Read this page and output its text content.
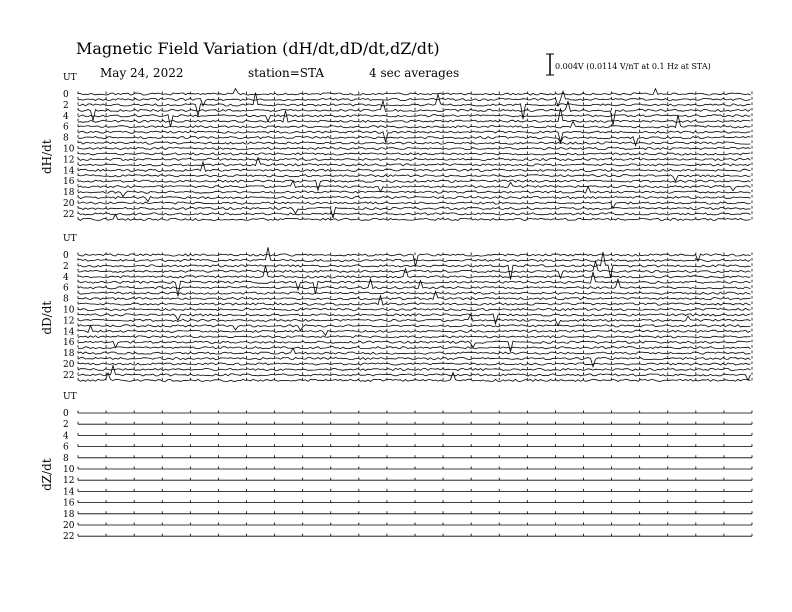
Magnetic Field Variation (dH/dt,dD/dt,dZ/dt)
May 24, 2022	station=STA	4 sec averages	0.004V (0.0114 V/nT at 0.1 Hz at STA)
UT
dH/dt
0
2
4
6
8
10
12
14
16
18
20
22
UT
dD/dt
0
2
4
6
8
10
12
14
16
18
20
22
UT
dZ/dt
0
2
4
6
8
10
12
14
16
18
20
22
